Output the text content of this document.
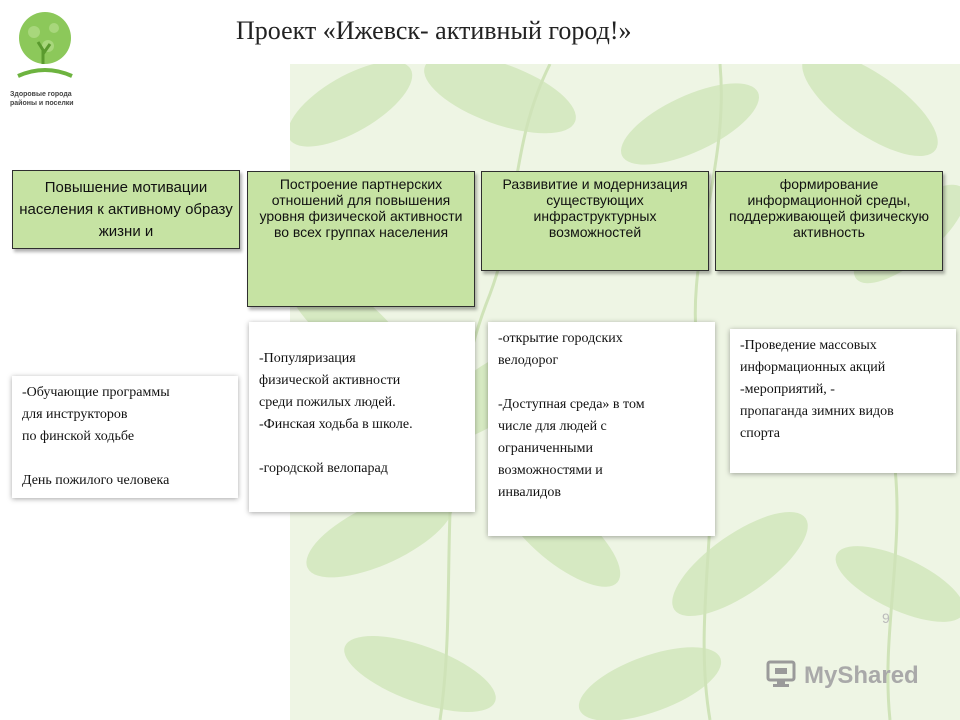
Здоровые города
районы и поселки
Проект «Ижевск- активный город!»
Повышение мотивации населения к активному образу жизни и
Построение партнерских отношений для повышения уровня физической активности во всех группах населения
Развивитие и модернизация существующих инфраструктурных возможностей
формирование информационной среды, поддерживающей физическую активность
-Обучающие программы
для инструкторов
по финской ходьбе

День пожилого человека
-Популяризация
физической активности
среди пожилых людей.
-Финская ходьба в школе.

-городской велопарад
-открытие городских
велодорог

-Доступная среда» в том
числе для людей с
ограниченными
возможностями и
инвалидов
-Проведение массовых
информационных акций
-мероприятий, -
пропаганда зимних видов
спорта
9
MyShared
